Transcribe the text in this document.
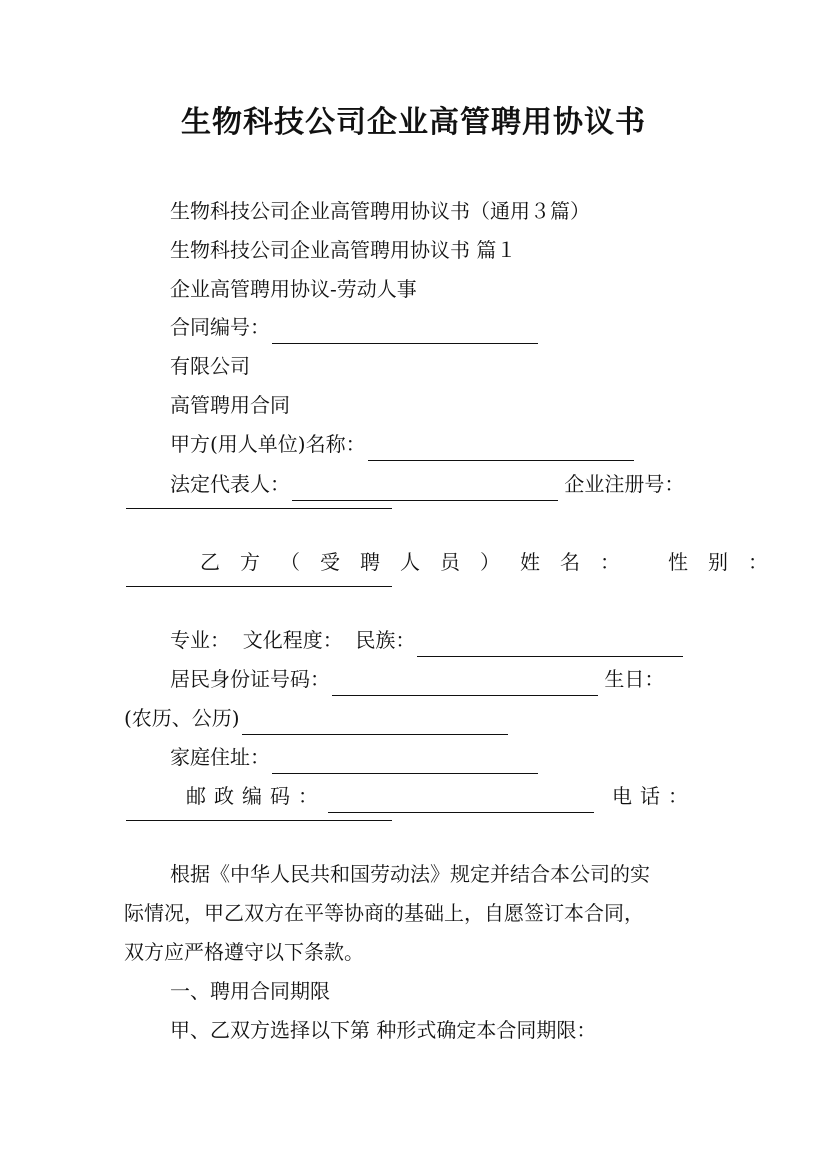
生物科技公司企业高管聘用协议书
生物科技公司企业高管聘用协议书（通用３篇）
生物科技公司企业高管聘用协议书 篇１
企业高管聘用协议-劳动人事
合同编号：
有限公司
高管聘用合同
甲方(用人单位)名称：
法定代表人：	企业注册号：
乙方（受聘人员）姓名： 性别：
专业： 文化程度： 民族：
居民身份证号码：	生日：
(农历、公历)
家庭住址：
邮政编码：	电话：
根据《中华人民共和国劳动法》规定并结合本公司的实
际情况，甲乙双方在平等协商的基础上，自愿签订本合同，
双方应严格遵守以下条款。
一、聘用合同期限
甲、乙双方选择以下第 种形式确定本合同期限：
